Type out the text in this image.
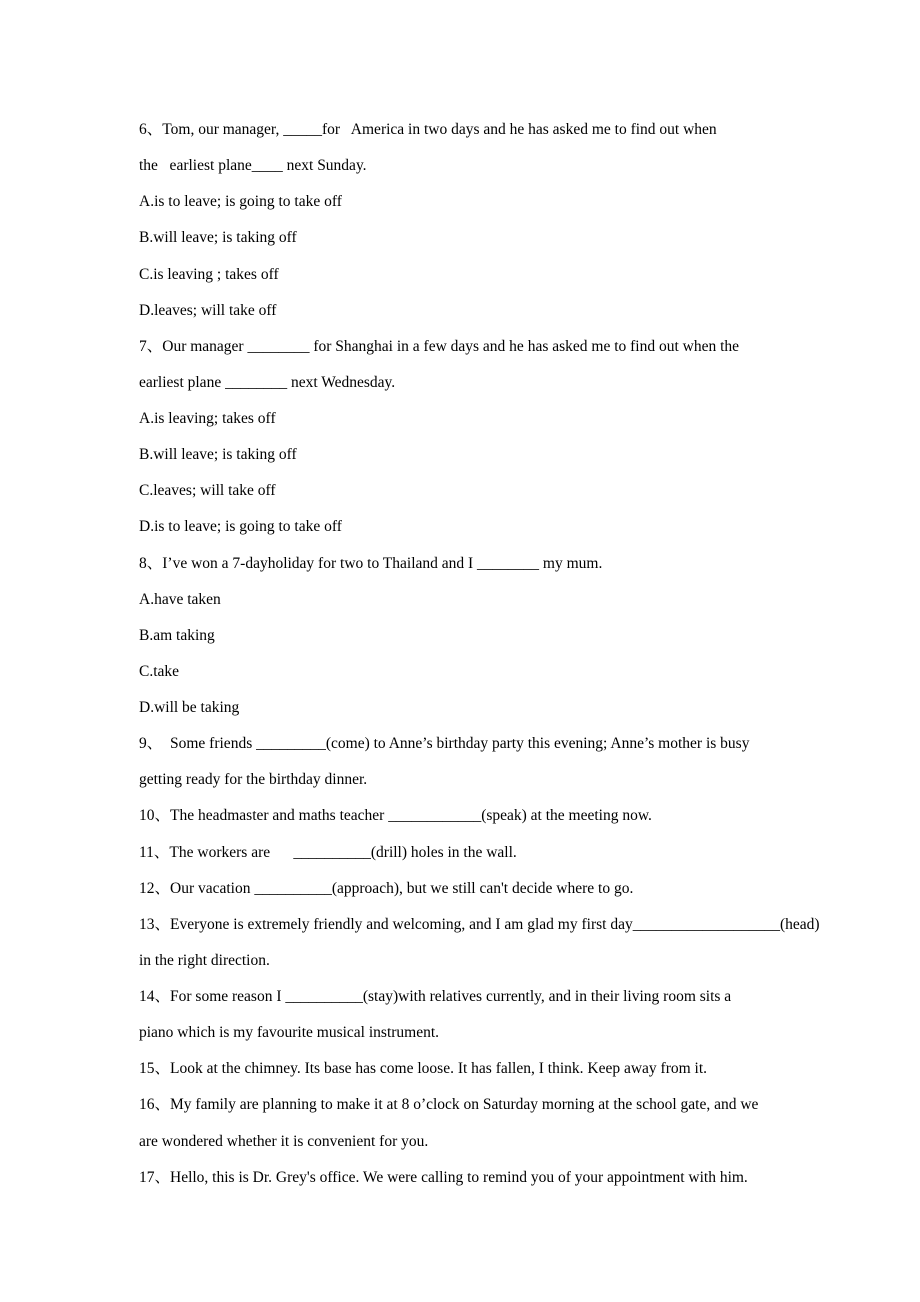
6、Tom, our manager, _____for   America in two days and he has asked me to find out when
the   earliest plane____ next Sunday.
A.is to leave; is going to take off
B.will leave; is taking off
C.is leaving ; takes off
D.leaves; will take off
7、Our manager ________ for Shanghai in a few days and he has asked me to find out when the
earliest plane ________ next Wednesday.
A.is leaving; takes off
B.will leave; is taking off
C.leaves; will take off
D.is to leave; is going to take off
8、I’ve won a 7-dayholiday for two to Thailand and I ________ my mum.
A.have taken
B.am taking
C.take
D.will be taking
9、  Some friends _________(come) to Anne’s birthday party this evening; Anne’s mother is busy
getting ready for the birthday dinner.
10、The headmaster and maths teacher ____________(speak) at the meeting now.
11、The workers are      __________(drill) holes in the wall.
12、Our vacation __________(approach), but we still can't decide where to go.
13、Everyone is extremely friendly and welcoming, and I am glad my first day___________________(head)
in the right direction.
14、For some reason I __________(stay)with relatives currently, and in their living room sits a
piano which is my favourite musical instrument.
15、Look at the chimney. Its base has come loose. It has fallen, I think. Keep away from it.
16、My family are planning to make it at 8 o’clock on Saturday morning at the school gate, and we
are wondered whether it is convenient for you.
17、Hello, this is Dr. Grey's office. We were calling to remind you of your appointment with him.
